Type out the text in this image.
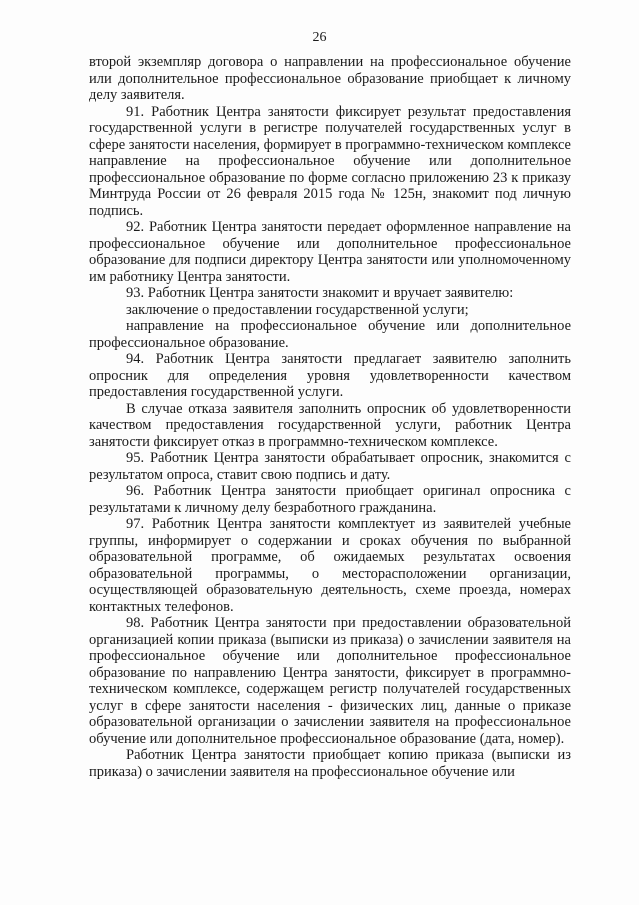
26

второй экземпляр договора о направлении на профессиональное обучение или дополнительное профессиональное образование приобщает к личному делу заявителя.

91. Работник Центра занятости фиксирует результат предоставления государственной услуги в регистре получателей государственных услуг в сфере занятости населения, формирует в программно-техническом комплексе направление на профессиональное обучение или дополнительное профессиональное образование по форме согласно приложению 23 к приказу Минтруда России от 26 февраля 2015 года № 125н, знакомит под личную подпись.

92. Работник Центра занятости передает оформленное направление на профессиональное обучение или дополнительное профессиональное образование для подписи директору Центра занятости или уполномоченному им работнику Центра занятости.

93. Работник Центра занятости знакомит и вручает заявителю:

заключение о предоставлении государственной услуги;

направление на профессиональное обучение или дополнительное профессиональное образование.

94. Работник Центра занятости предлагает заявителю заполнить опросник для определения уровня удовлетворенности качеством предоставления государственной услуги.

В случае отказа заявителя заполнить опросник об удовлетворенности качеством предоставления государственной услуги, работник Центра занятости фиксирует отказ в программно-техническом комплексе.

95. Работник Центра занятости обрабатывает опросник, знакомится с результатом опроса, ставит свою подпись и дату.

96. Работник Центра занятости приобщает оригинал опросника с результатами к личному делу безработного гражданина.

97. Работник Центра занятости комплектует из заявителей учебные группы, информирует о содержании и сроках обучения по выбранной образовательной программе, об ожидаемых результатах освоения образовательной программы, о месторасположении организации, осуществляющей образовательную деятельность, схеме проезда, номерах контактных телефонов.

98. Работник Центра занятости при предоставлении образовательной организацией копии приказа (выписки из приказа) о зачислении заявителя на профессиональное обучение или дополнительное профессиональное образование по направлению Центра занятости, фиксирует в программно-техническом комплексе, содержащем регистр получателей государственных услуг в сфере занятости населения - физических лиц, данные о приказе образовательной организации о зачислении заявителя на профессиональное обучение или дополнительное профессиональное образование (дата, номер).

Работник Центра занятости приобщает копию приказа (выписки из приказа) о зачислении заявителя на профессиональное обучение или
